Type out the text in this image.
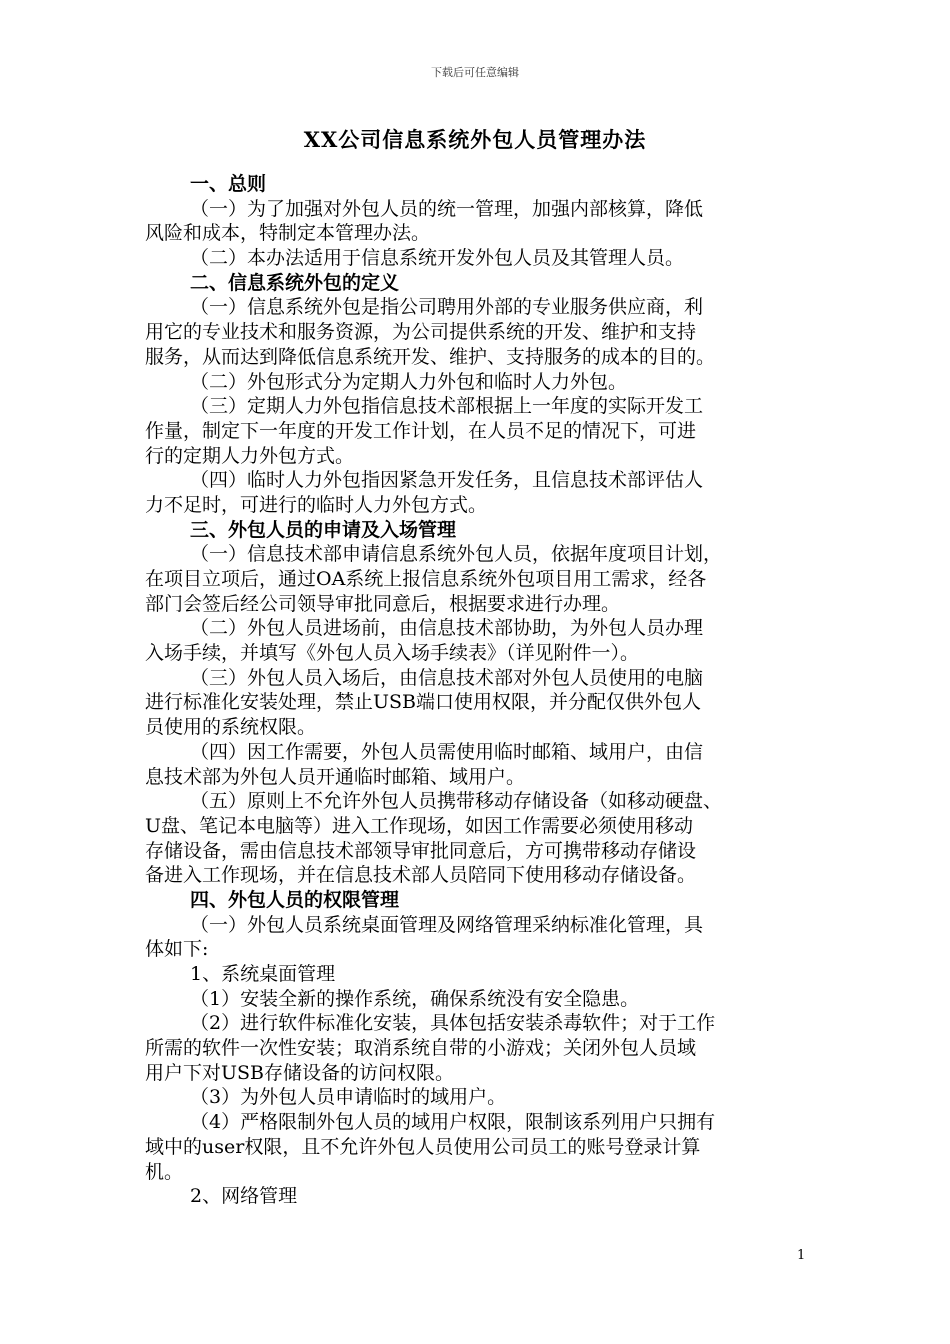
下载后可任意编辑
XX公司信息系统外包人员管理办法
一、总则
（一）为了加强对外包人员的统一管理，加强内部核算，降低
风险和成本，特制定本管理办法。
（二）本办法适用于信息系统开发外包人员及其管理人员。
二、信息系统外包的定义
（一）信息系统外包是指公司聘用外部的专业服务供应商，利
用它的专业技术和服务资源，为公司提供系统的开发、维护和支持
服务，从而达到降低信息系统开发、维护、支持服务的成本的目的。
（二）外包形式分为定期人力外包和临时人力外包。
（三）定期人力外包指信息技术部根据上一年度的实际开发工
作量，制定下一年度的开发工作计划，在人员不足的情况下，可进
行的定期人力外包方式。
（四）临时人力外包指因紧急开发任务，且信息技术部评估人
力不足时，可进行的临时人力外包方式。
三、外包人员的申请及入场管理
（一）信息技术部申请信息系统外包人员，依据年度项目计划，
在项目立项后，通过OA系统上报信息系统外包项目用工需求，经各
部门会签后经公司领导审批同意后，根据要求进行办理。
（二）外包人员进场前，由信息技术部协助，为外包人员办理
入场手续，并填写《外包人员入场手续表》（详见附件一）。
（三）外包人员入场后，由信息技术部对外包人员使用的电脑
进行标准化安装处理，禁止USB端口使用权限，并分配仅供外包人
员使用的系统权限。
（四）因工作需要，外包人员需使用临时邮箱、域用户，由信
息技术部为外包人员开通临时邮箱、域用户。
（五）原则上不允许外包人员携带移动存储设备（如移动硬盘、
U盘、笔记本电脑等）进入工作现场，如因工作需要必须使用移动
存储设备，需由信息技术部领导审批同意后，方可携带移动存储设
备进入工作现场，并在信息技术部人员陪同下使用移动存储设备。
四、外包人员的权限管理
（一）外包人员系统桌面管理及网络管理采纳标准化管理，具
体如下:
1、系统桌面管理
（1）安装全新的操作系统，确保系统没有安全隐患。
（2）进行软件标准化安装，具体包括安装杀毒软件；对于工作
所需的软件一次性安装；取消系统自带的小游戏；关闭外包人员域
用户下对USB存储设备的访问权限。
（3）为外包人员申请临时的域用户。
（4）严格限制外包人员的域用户权限，限制该系列用户只拥有
域中的user权限，且不允许外包人员使用公司员工的账号登录计算
机。
2、网络管理
1
